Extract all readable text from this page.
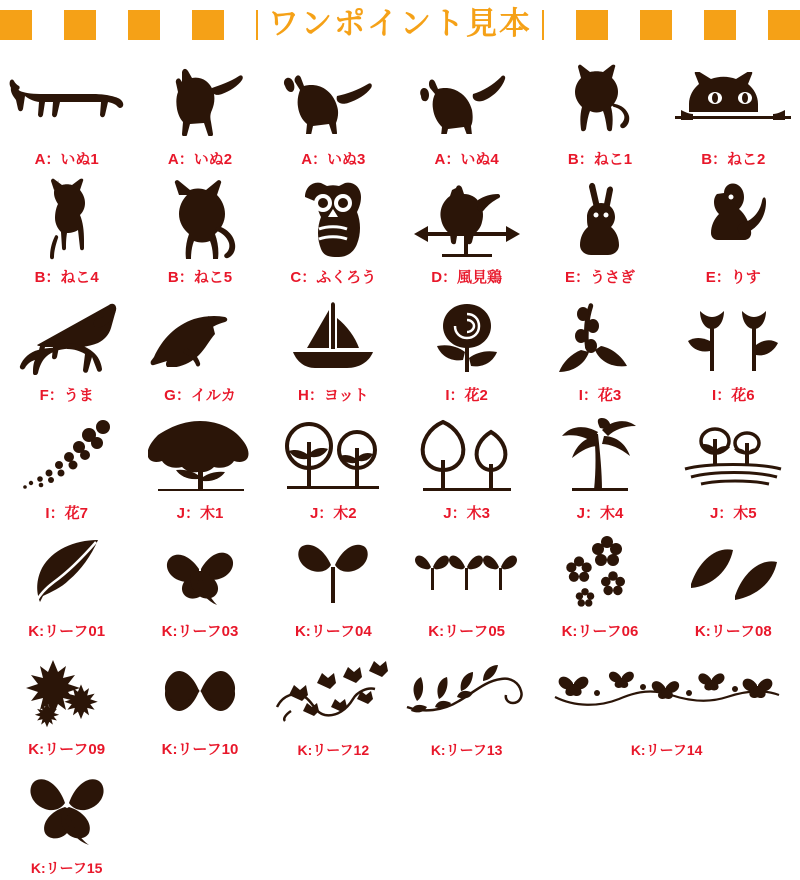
ワンポイント見本
A：いぬ1	A：いぬ2	A：いぬ3	A：いぬ4	B：ねこ1	B：ねこ2
B：ねこ4	B：ねこ5	C：ふくろう	D：風見鶏	E：うさぎ	E：りす
F：うま	G：イルカ	H：ヨット	I：花2	I：花3	I：花6
I：花7	J：木1	J：木2	J：木3	J：木4	J：木5
K:リーフ01	K:リーフ03	K:リーフ04	K:リーフ05	K:リーフ06	K:リーフ08
K:リーフ09	K:リーフ10	K:リーフ12	K:リーフ13	K:リーフ14
K:リーフ15
